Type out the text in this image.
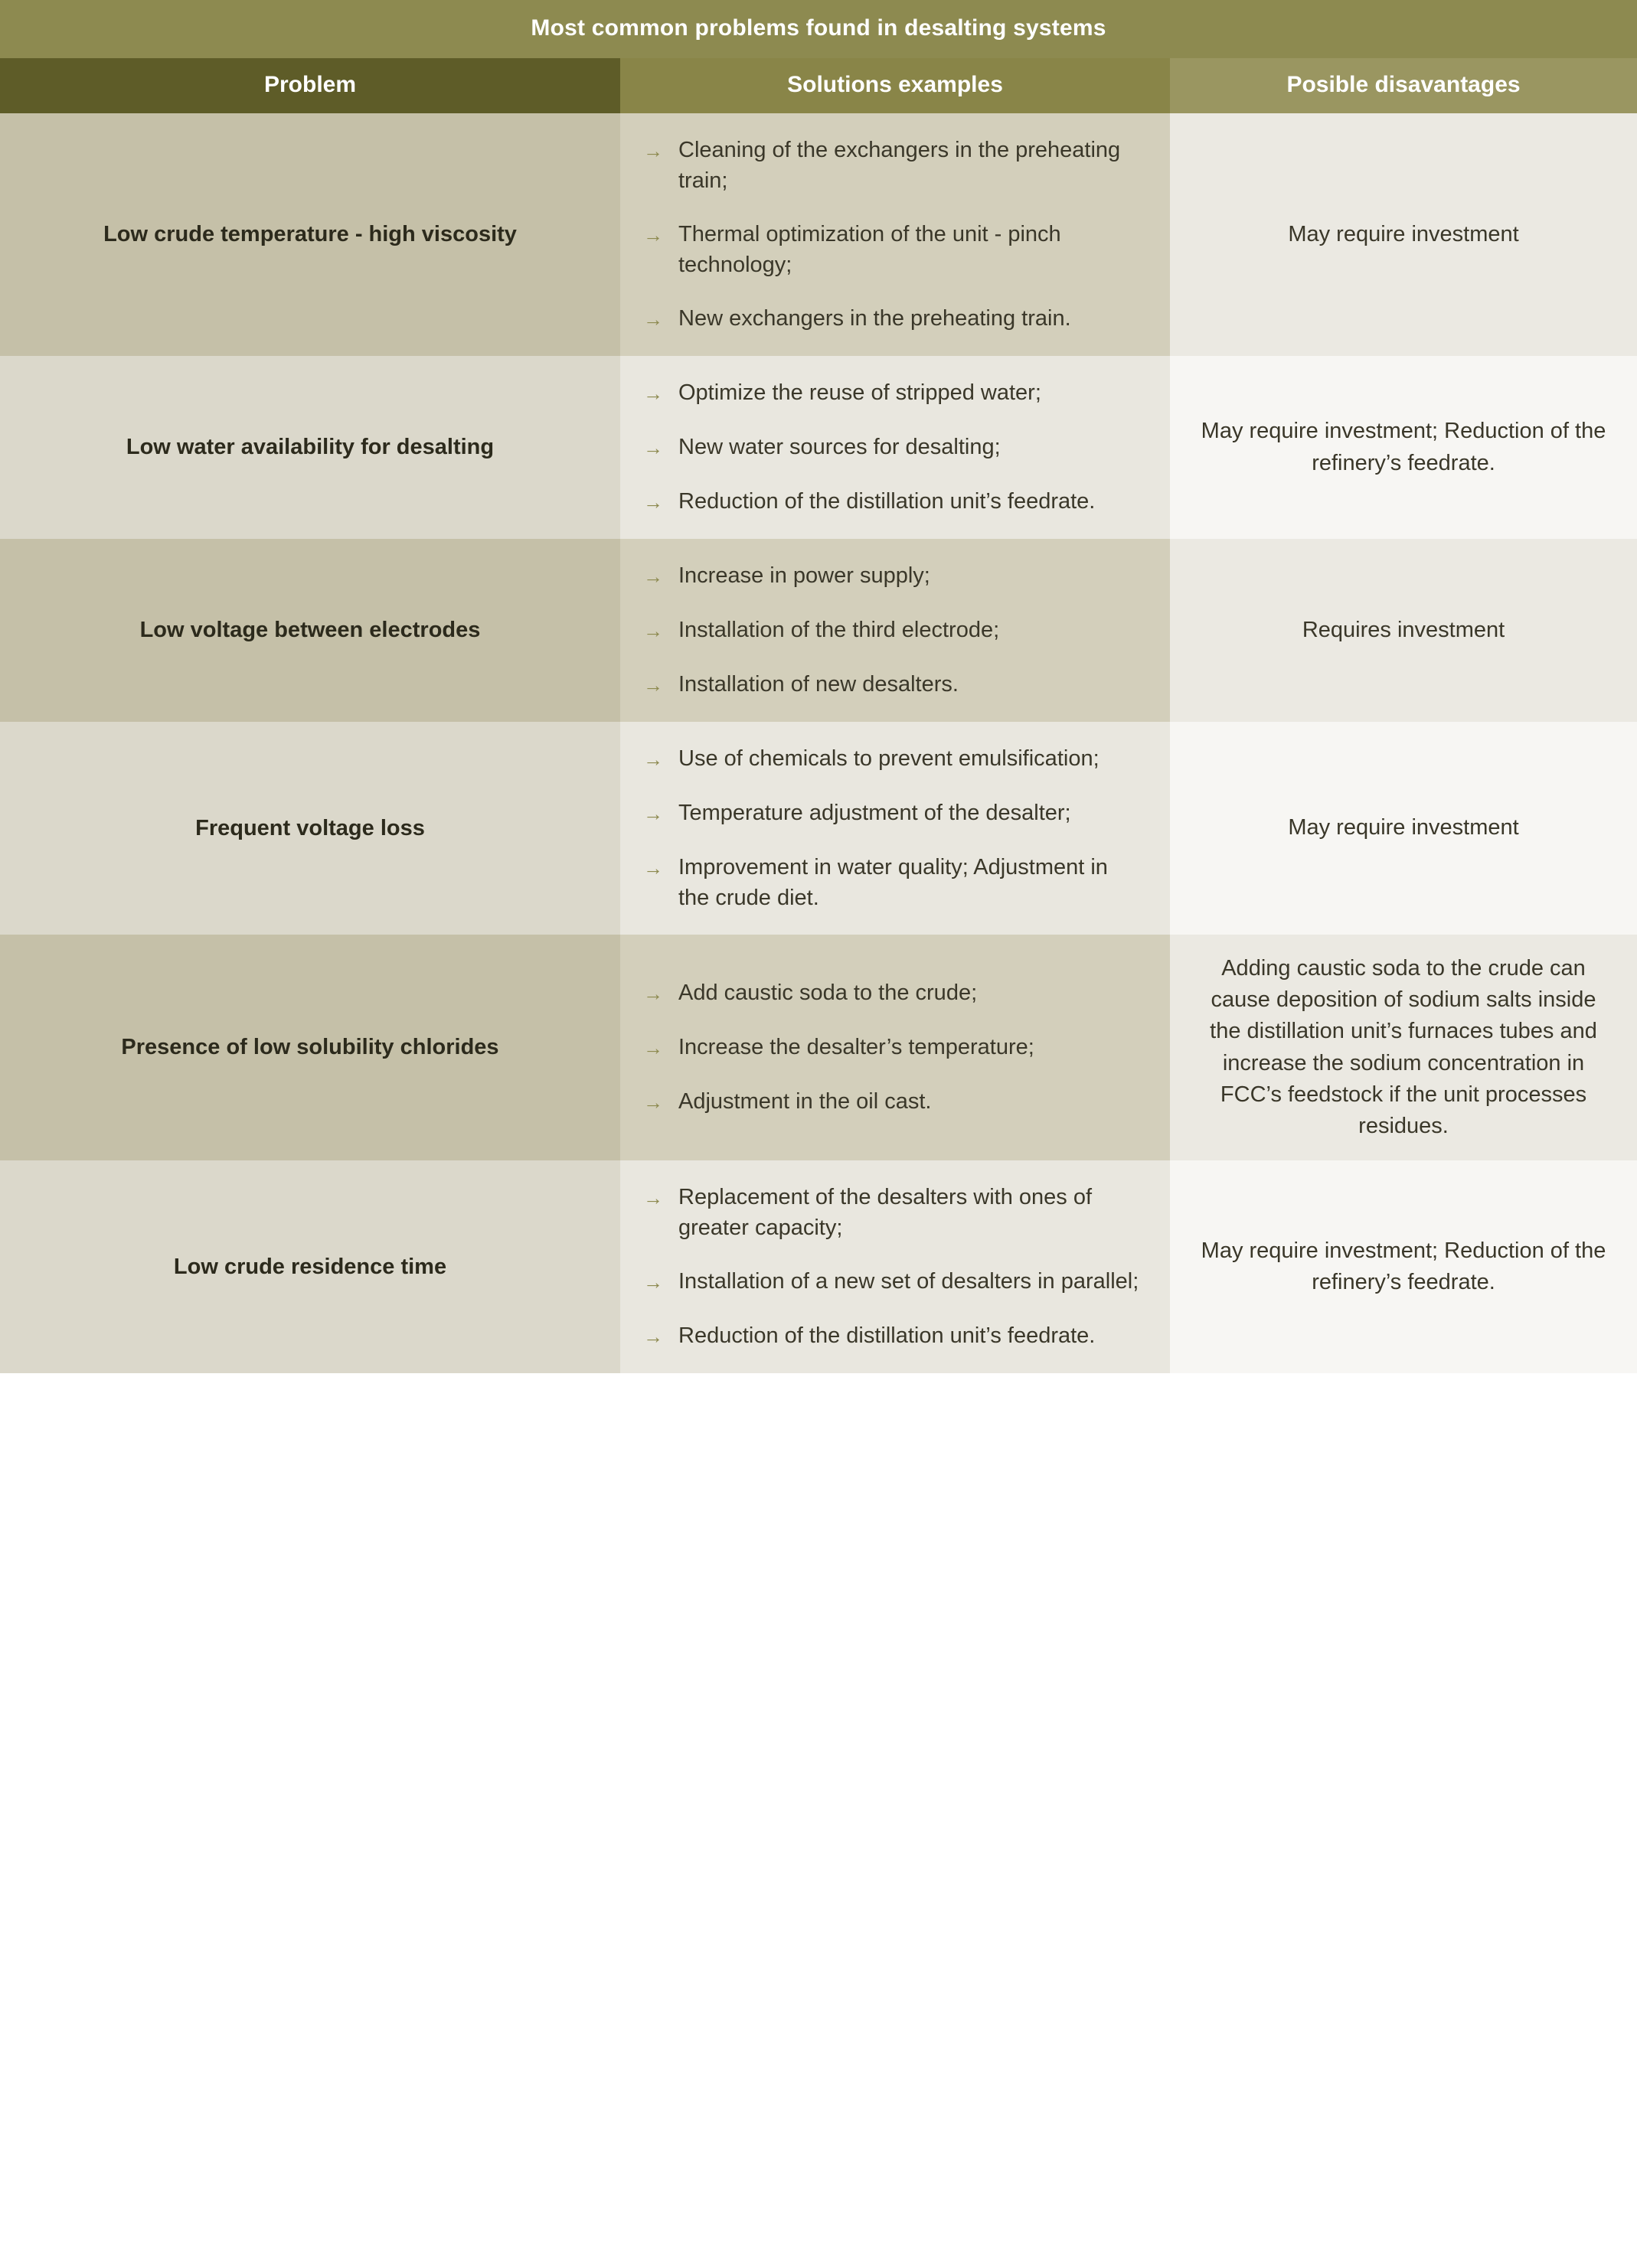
Most common problems found in desalting systems		
Problem	Solutions examples	Posible disavantages
Low crude temperature - high viscosity	
→ Cleaning of the exchangers in the preheating train;
→ Thermal optimization of the unit - pinch technology;
→ New exchangers in the preheating train.
	May require investment
Low water availability for desalting	
→ Optimize the reuse of stripped water;
→ New water sources for desalting;
→ Reduction of the distillation unit’s feedrate.
	May require investment; Reduction of the refinery’s feedrate.
Low voltage between electrodes	
→ Increase in power supply;
→ Installation of the third electrode;
→ Installation of new desalters.
	Requires investment
Frequent voltage loss	
→ Use of chemicals to prevent emulsification;
→ Temperature adjustment of the desalter;
→ Improvement in water quality; Adjustment in the crude diet.
	May require investment
Presence of low solubility chlorides	
→ Add caustic soda to the crude;
→ Increase the desalter’s temperature;
→ Adjustment in the oil cast.
	Adding caustic soda to the crude can cause deposition of sodium salts inside the distillation unit’s furnaces tubes and increase the sodium concentration in FCC’s feedstock if the unit processes residues.
Low crude residence time	
→ Replacement of the desalters with ones of greater capacity;
→ Installation of a new set of desalters in parallel;
→ Reduction of the distillation unit’s feedrate.
	May require investment; Reduction of the refinery’s feedrate.
